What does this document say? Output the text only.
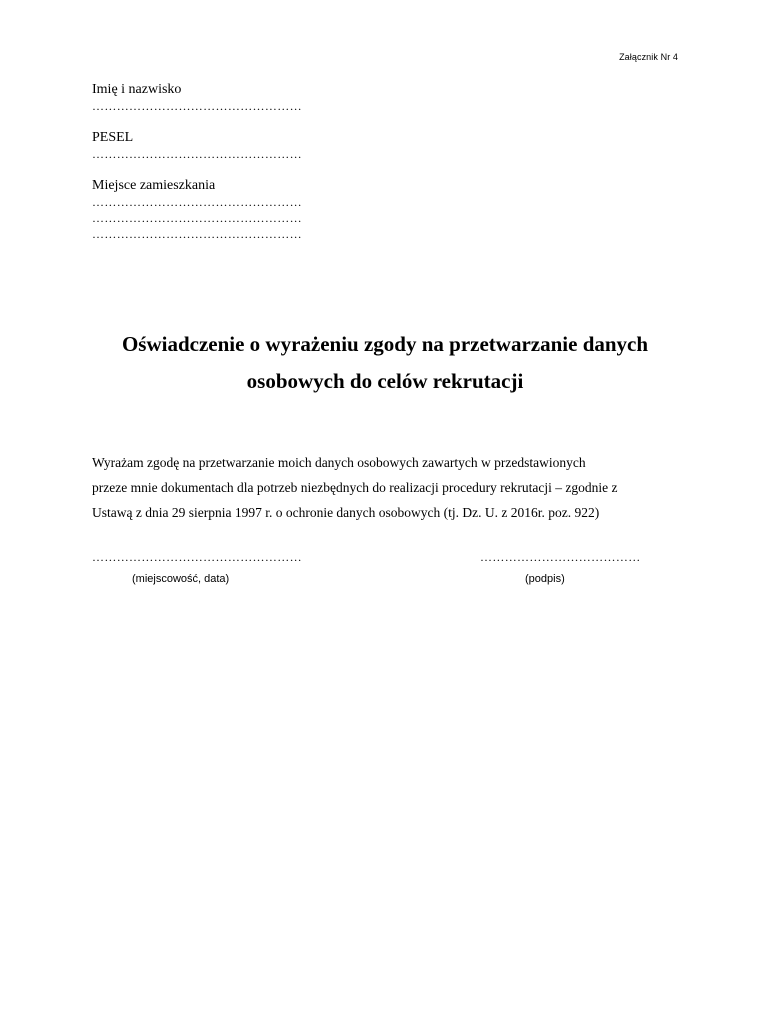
Załącznik Nr 4
Imię i nazwisko
……………………………………………
PESEL
……………………………………………
Miejsce zamieszkania
……………………………………………
……………………………………………
……………………………………………
Oświadczenie o wyrażeniu zgody na przetwarzanie danych
osobowych do celów rekrutacji
Wyrażam zgodę na przetwarzanie moich danych osobowych zawartych w przedstawionych
przeze mnie dokumentach dla potrzeb niezbędnych do realizacji procedury rekrutacji – zgodnie z
Ustawą z dnia 29 sierpnia 1997 r. o ochronie danych osobowych (tj. Dz. U. z 2016r. poz. 922)
……………………………………………
(miejscowość, data)
…………………………………
(podpis)
